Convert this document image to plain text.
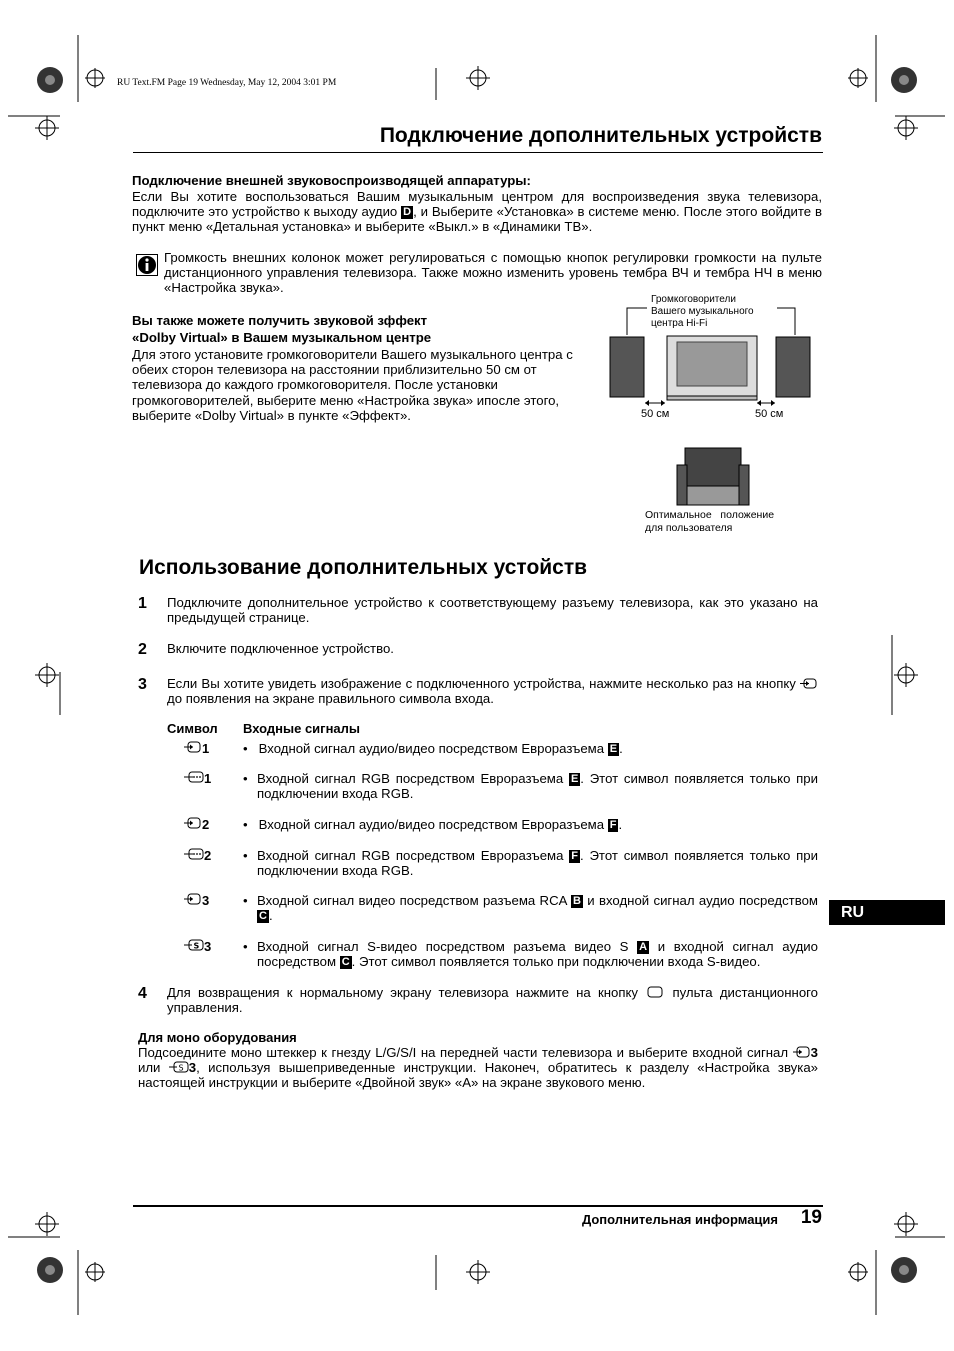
RU Text.FM Page 19 Wednesday, May 12, 2004 3:01 PM
Подключение дополнительных устройств
Подключение внешней звуковоспроизводящей аппаратуры:
Если Вы хотите воспользоваться Вашим музыкальным центром для воспроизведения звука телевизора, подключите это устройство к выходу аудио D , и Выберите «Установка» в системе меню. После этого войдите в пункт меню «Детальная установка» и выберите «Выкл.» в «Динамики ТВ».
Громкость внешних колонок может регулироваться с помощью кнопок регулировки громкости на пульте дистанционного управления телевизора. Также можно изменить уровень тембра ВЧ и тембра НЧ в меню «Настройка звука».
Вы также можете получить звуковой зффект
«Dolby Virtual» в Вашем музыкальном центре
Для этого установите громкоговорители Вашего музыкального центра с обеих сторон телевизора на расстоянии приблизительно 50 см от телевизора до каждого громкоговорителя. После установки громкоговорителей, выберите меню «Настройка звука» ипосле этого, выберите «Dolby Virtual» в пункте «Эффект».
Громкоговорители
Вашего музыкального
центра Hi-Fi
50 см	50 см
Оптимальное   положение
для пользователя
Использование дополнительных устойств
1 Подключите дополнительное устройство к соответствующему разъему телевизора, как это указано на предыдущей странице.
2 Включите подключенное устройство.
3 Если Вы хотите увидеть изображение с подключенного устройства, нажмите несколько раз на кнопку  до появления на экране правильного символа входа.
Символ Входные сигналы
1	•   Входной сигнал аудио/видео посредством Евроразъема E .
1 • Входной сигнал RGB посредством Евроразъема E . Этот символ появляется только при подключении входа RGB.
2	•   Входной сигнал аудио/видео посредством Евроразъема F .
2 • Входной сигнал RGB посредством Евроразъема F . Этот символ появляется только при подключении входа RGB.
3	• Входной сигнал видео посредством разъема RCA B и входной сигнал аудио посредством C .
S 3 • Входной сигнал S-видео посредством разъема видео S A и входной сигнал аудио посредством C . Этот символ появляется только при подключении входа S-видео.
4 Для возвращения к нормальному экрану телевизора нажмите на кнопку	пульта дистанционного управления.
Для моно оборудования
Подсоедините моно штеккер к гнезду L/G/S/I на передней части телевизора и выберите входной сигнал 3 или S 3, используя вышеприведенные инструкции. Наконеч, обратитесь к разделу «Настройка звука» настоящей инструкции и выберите «Двойной звук» «А» на экране звукового меню.
RU
Дополнительная информация 19
